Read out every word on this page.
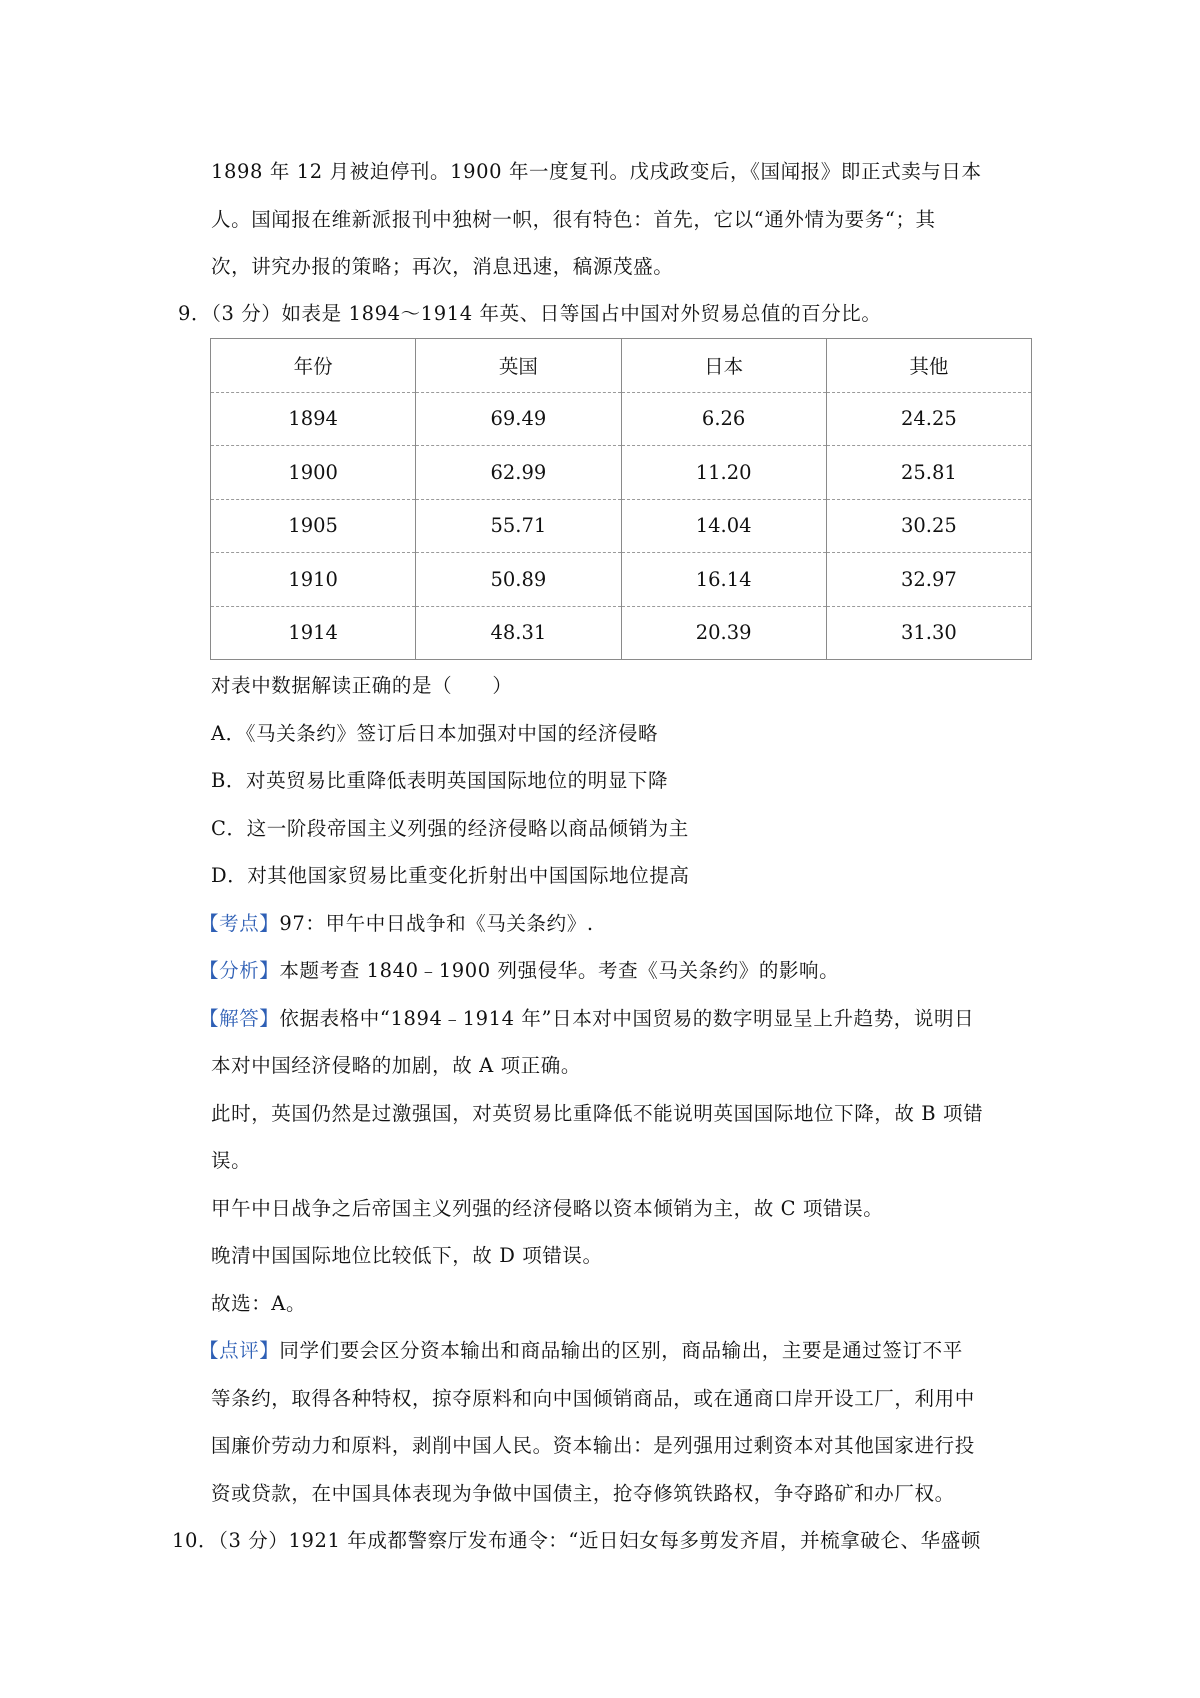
1898 年 12 月被迫停刊。1900 年一度复刊。戊戌政变后，《国闻报》即正式卖与日本
人。国闻报在维新派报刊中独树一帜，很有特色：首先，它以“通外情为要务“；其
次，讲究办报的策略；再次，消息迅速，稿源茂盛。
9．（3 分）如表是 1894～1914 年英、日等国占中国对外贸易总值的百分比。
年份	英国	日本	其他
1894	69.49	6.26	24.25
1900	62.99	11.20	25.81
1905	55.71	14.04	30.25
1910	50.89	16.14	32.97
1914	48.31	20.39	31.30
对表中数据解读正确的是（　　）
A．《马关条约》签订后日本加强对中国的经济侵略
B．对英贸易比重降低表明英国国际地位的明显下降
C．这一阶段帝国主义列强的经济侵略以商品倾销为主
D．对其他国家贸易比重变化折射出中国国际地位提高
【考点】97：甲午中日战争和《马关条约》.
【分析】本题考查 1840﹣1900 列强侵华。考查《马关条约》的影响。
【解答】依据表格中“1894﹣1914 年”日本对中国贸易的数字明显呈上升趋势，说明日
本对中国经济侵略的加剧，故 A 项正确。
此时，英国仍然是过激强国，对英贸易比重降低不能说明英国国际地位下降，故 B 项错
误。
甲午中日战争之后帝国主义列强的经济侵略以资本倾销为主，故 C 项错误。
晚清中国国际地位比较低下，故 D 项错误。
故选：A。
【点评】同学们要会区分资本输出和商品输出的区别，商品输出，主要是通过签订不平
等条约，取得各种特权，掠夺原料和向中国倾销商品，或在通商口岸开设工厂，利用中
国廉价劳动力和原料，剥削中国人民。资本输出：是列强用过剩资本对其他国家进行投
资或贷款，在中国具体表现为争做中国债主，抢夺修筑铁路权，争夺路矿和办厂权。
10．（3 分）1921 年成都警察厅发布通令：“近日妇女每多剪发齐眉，并梳拿破仑、华盛顿
